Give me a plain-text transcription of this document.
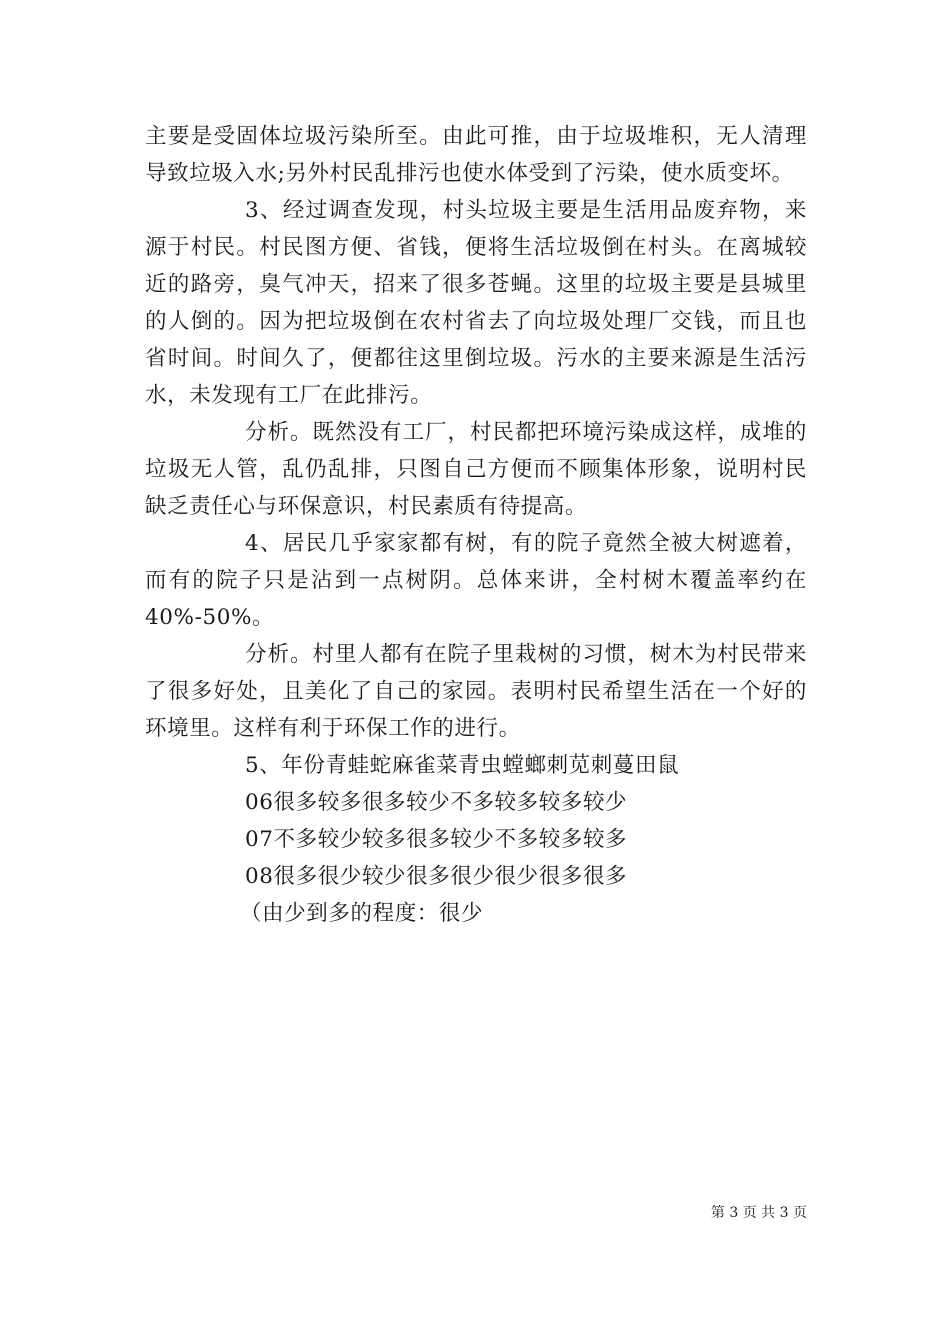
主要是受固体垃圾污染所至。由此可推，由于垃圾堆积，无人清理导致垃圾入水;另外村民乱排污也使水体受到了污染，使水质变坏。

3、经过调查发现，村头垃圾主要是生活用品废弃物，来源于村民。村民图方便、省钱，便将生活垃圾倒在村头。在离城较近的路旁，臭气冲天，招来了很多苍蝇。这里的垃圾主要是县城里的人倒的。因为把垃圾倒在农村省去了向垃圾处理厂交钱，而且也省时间。时间久了，便都往这里倒垃圾。污水的主要来源是生活污水，未发现有工厂在此排污。

分析。既然没有工厂，村民都把环境污染成这样，成堆的垃圾无人管，乱仍乱排，只图自己方便而不顾集体形象，说明村民缺乏责任心与环保意识，村民素质有待提高。

4、居民几乎家家都有树，有的院子竟然全被大树遮着，而有的院子只是沾到一点树阴。总体来讲，全村树木覆盖率约在40%-50%。

分析。村里人都有在院子里栽树的习惯，树木为村民带来了很多好处，且美化了自己的家园。表明村民希望生活在一个好的环境里。这样有利于环保工作的进行。

5、年份青蛙蛇麻雀菜青虫螳螂刺苋刺蔓田鼠

06很多较多很多较少不多较多较多较少

07不多较少较多很多较少不多较多较多

08很多很少较少很多很少很少很多很多

（由少到多的程度：很少

第 3 页 共 3 页
